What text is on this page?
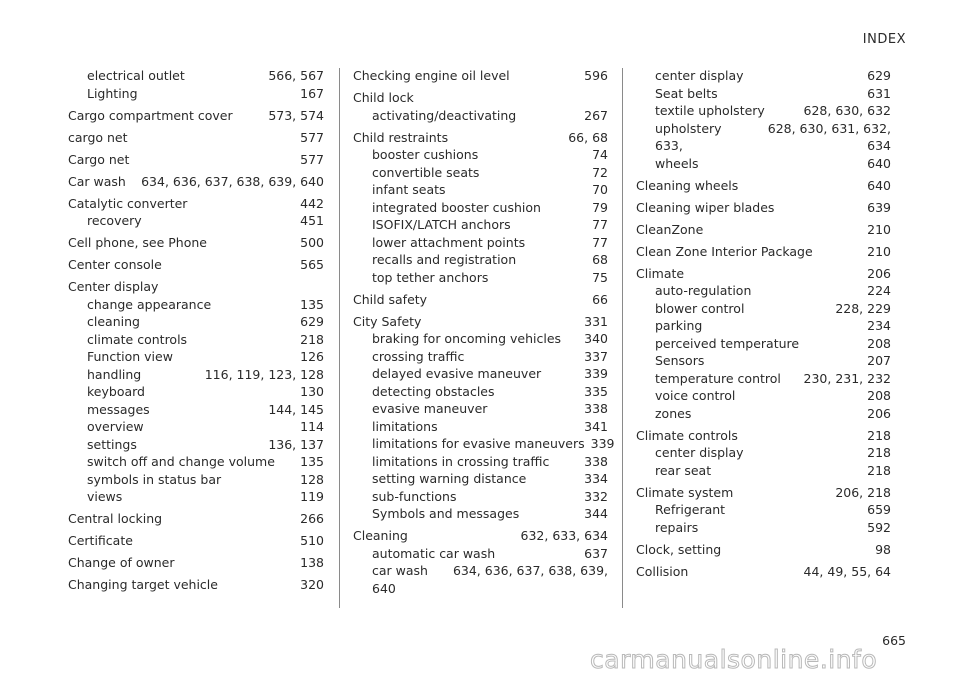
INDEX
electrical outlet	566, 567
Lighting	167
Cargo compartment cover	573, 574
cargo net	577
Cargo net	577
Car wash	634, 636, 637, 638, 639, 640
Catalytic converter	442
recovery	451
Cell phone, see Phone	500
Center console	565
Center display
change appearance	135
cleaning	629
climate controls	218
Function view	126
handling	116, 119, 123, 128
keyboard	130
messages	144, 145
overview	114
settings	136, 137
switch off and change volume	135
symbols in status bar	128
views	119
Central locking	266
Certificate	510
Change of owner	138
Changing target vehicle	320
Checking engine oil level	596
Child lock
activating/deactivating	267
Child restraints	66, 68
booster cushions	74
convertible seats	72
infant seats	70
integrated booster cushion	79
ISOFIX/LATCH anchors	77
lower attachment points	77
recalls and registration	68
top tether anchors	75
Child safety	66
City Safety	331
braking for oncoming vehicles	340
crossing traffic	337
delayed evasive maneuver	339
detecting obstacles	335
evasive maneuver	338
limitations	341
limitations for evasive maneuvers 339
limitations in crossing traffic	338
setting warning distance	334
sub-functions	332
Symbols and messages	344
Cleaning	632, 633, 634
automatic car wash	637
car wash	634, 636, 637, 638, 639,
640
center display	629
Seat belts	631
textile upholstery	628, 630, 632
upholstery	628, 630, 631, 632,
633,	634
wheels	640
Cleaning wheels	640
Cleaning wiper blades	639
CleanZone	210
Clean Zone Interior Package	210
Climate	206
auto-regulation	224
blower control	228, 229
parking	234
perceived temperature	208
Sensors	207
temperature control	230, 231, 232
voice control	208
zones	206
Climate controls	218
center display	218
rear seat	218
Climate system	206, 218
Refrigerant	659
repairs	592
Clock, setting	98
Collision	44, 49, 55, 64
665
carmanualsonline.info
